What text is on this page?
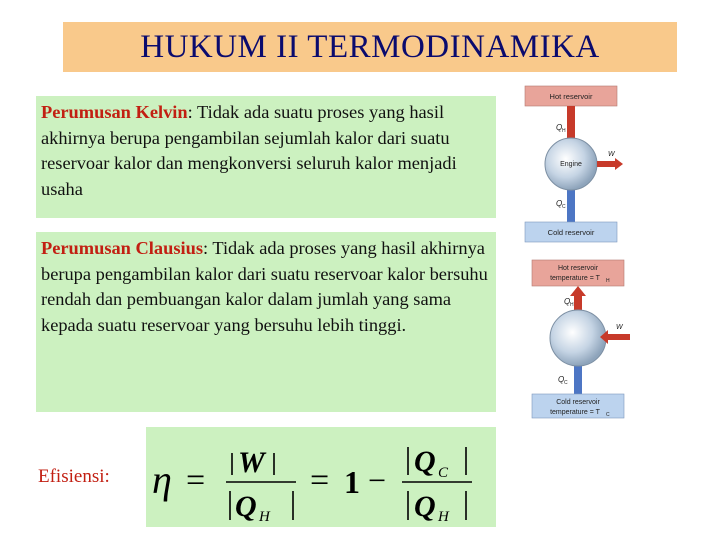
HUKUM II TERMODINAMIKA
Perumusan Kelvin: Tidak ada suatu proses yang hasil akhirnya berupa pengambilan sejumlah kalor dari suatu reservoar kalor dan mengkonversi seluruh kalor menjadi usaha
Perumusan Clausius: Tidak ada proses yang hasil akhirnya berupa pengambilan kalor dari suatu reservoar kalor bersuhu rendah dan pembuangan kalor dalam jumlah yang sama kepada suatu reservoar yang bersuhu lebih tinggi.
Efisiensi: η = W
Q H
= 1 −
Q C
Q H
Hot reservoir
Q H
Engine
W
Q C
Cold reservoir
Hot reservoir
temperature = T H
Q H
W
Q C
Cold reservoir
temperature = T C
